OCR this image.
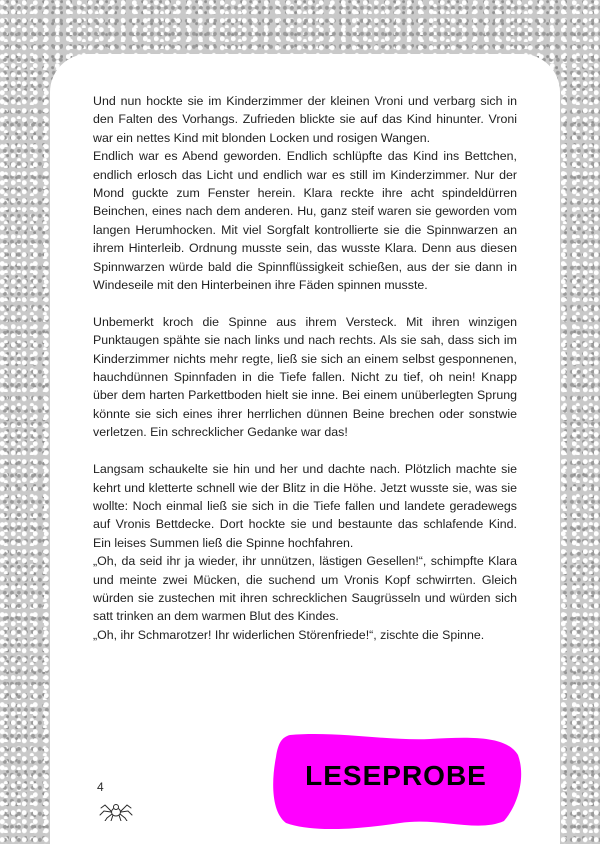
Und nun hockte sie im Kinderzimmer der kleinen Vroni und verbarg sich in den Falten des Vorhangs. Zufrieden blickte sie auf das Kind hinunter. Vroni war ein nettes Kind mit blonden Locken und rosigen Wangen.

Endlich war es Abend geworden. Endlich schlüpfte das Kind ins Bettchen, endlich erlosch das Licht und endlich war es still im Kinderzimmer. Nur der Mond guckte zum Fenster herein. Klara reckte ihre acht spindeldürren Beinchen, eines nach dem anderen. Hu, ganz steif waren sie geworden vom langen Herumhocken. Mit viel Sorgfalt kontrollierte sie die Spinnwarzen an ihrem Hinterleib. Ordnung musste sein, das wusste Klara. Denn aus diesen Spinnwarzen würde bald die Spinnflüssigkeit schießen, aus der sie dann in Windeseile mit den Hinterbeinen ihre Fäden spinnen musste.

Unbemerkt kroch die Spinne aus ihrem Versteck. Mit ihren winzigen Punktaugen spähte sie nach links und nach rechts. Als sie sah, dass sich im Kinderzimmer nichts mehr regte, ließ sie sich an einem selbst gesponnenen, hauchdünnen Spinnfaden in die Tiefe fallen. Nicht zu tief, oh nein! Knapp über dem harten Parkettboden hielt sie inne. Bei einem unüberlegten Sprung könnte sie sich eines ihrer herrlichen dünnen Beine brechen oder sonstwie verletzen. Ein schrecklicher Gedanke war das!

Langsam schaukelte sie hin und her und dachte nach. Plötzlich machte sie kehrt und kletterte schnell wie der Blitz in die Höhe. Jetzt wusste sie, was sie wollte: Noch einmal ließ sie sich in die Tiefe fallen und landete geradewegs auf Vronis Bettdecke. Dort hockte sie und bestaunte das schlafende Kind. Ein leises Summen ließ die Spinne hochfahren.

„Oh, da seid ihr ja wieder, ihr unnützen, lästigen Gesellen!“, schimpfte Klara und meinte zwei Mücken, die suchend um Vronis Kopf schwirrten. Gleich würden sie zustechen mit ihren schrecklichen Saugrüsseln und würden sich satt trinken an dem warmen Blut des Kindes.

„Oh, ihr Schmarotzer! Ihr widerlichen Störenfriede!“, zischte die Spinne.

4	LESEPROBE
